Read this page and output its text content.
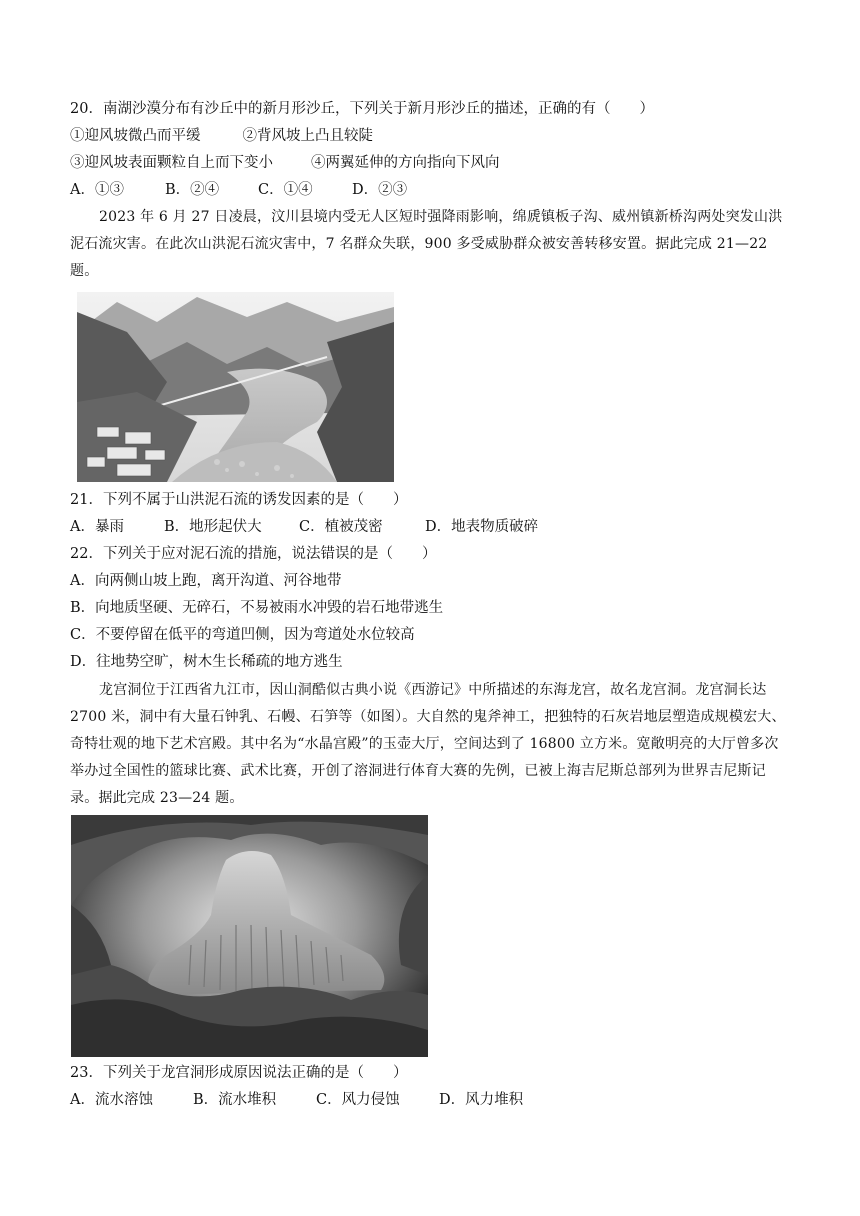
20．南湖沙漠分布有沙丘中的新月形沙丘，下列关于新月形沙丘的描述，正确的有（　　）
①迎风坡微凸而平缓	②背风坡上凸且较陡
③迎风坡表面颗粒自上而下变小	④两翼延伸的方向指向下风向
A．①③	B．②④	C．①④	D．②③
2023 年 6 月 27 日凌晨，汶川县境内受无人区短时强降雨影响，绵虒镇板子沟、威州镇新桥沟两处突发山洪泥石流灾害。在此次山洪泥石流灾害中，7 名群众失联，900 多受威胁群众被安善转移安置。据此完成 21—22 题。
21．下列不属于山洪泥石流的诱发因素的是（　　）
A．暴雨	B．地形起伏大	C．植被茂密	D．地表物质破碎
22．下列关于应对泥石流的措施，说法错误的是（　　）
A．向两侧山坡上跑，离开沟道、河谷地带
B．向地质坚硬、无碎石，不易被雨水冲毁的岩石地带逃生
C．不要停留在低平的弯道凹侧，因为弯道处水位较高
D．往地势空旷，树木生长稀疏的地方逃生
龙宫洞位于江西省九江市，因山洞酷似古典小说《西游记》中所描述的东海龙宫，故名龙宫洞。龙宫洞长达 2700 米，洞中有大量石钟乳、石幔、石笋等（如图）。大自然的鬼斧神工，把独特的石灰岩地层塑造成规模宏大、奇特壮观的地下艺术宫殿。其中名为“水晶宫殿”的玉壶大厅，空间达到了 16800 立方米。宽敞明亮的大厅曾多次举办过全国性的篮球比赛、武术比赛，开创了溶洞进行体育大赛的先例，已被上海吉尼斯总部列为世界吉尼斯记录。据此完成 23—24 题。
23．下列关于龙宫洞形成原因说法正确的是（　　）
A．流水溶蚀	B．流水堆积	C．风力侵蚀	D．风力堆积
